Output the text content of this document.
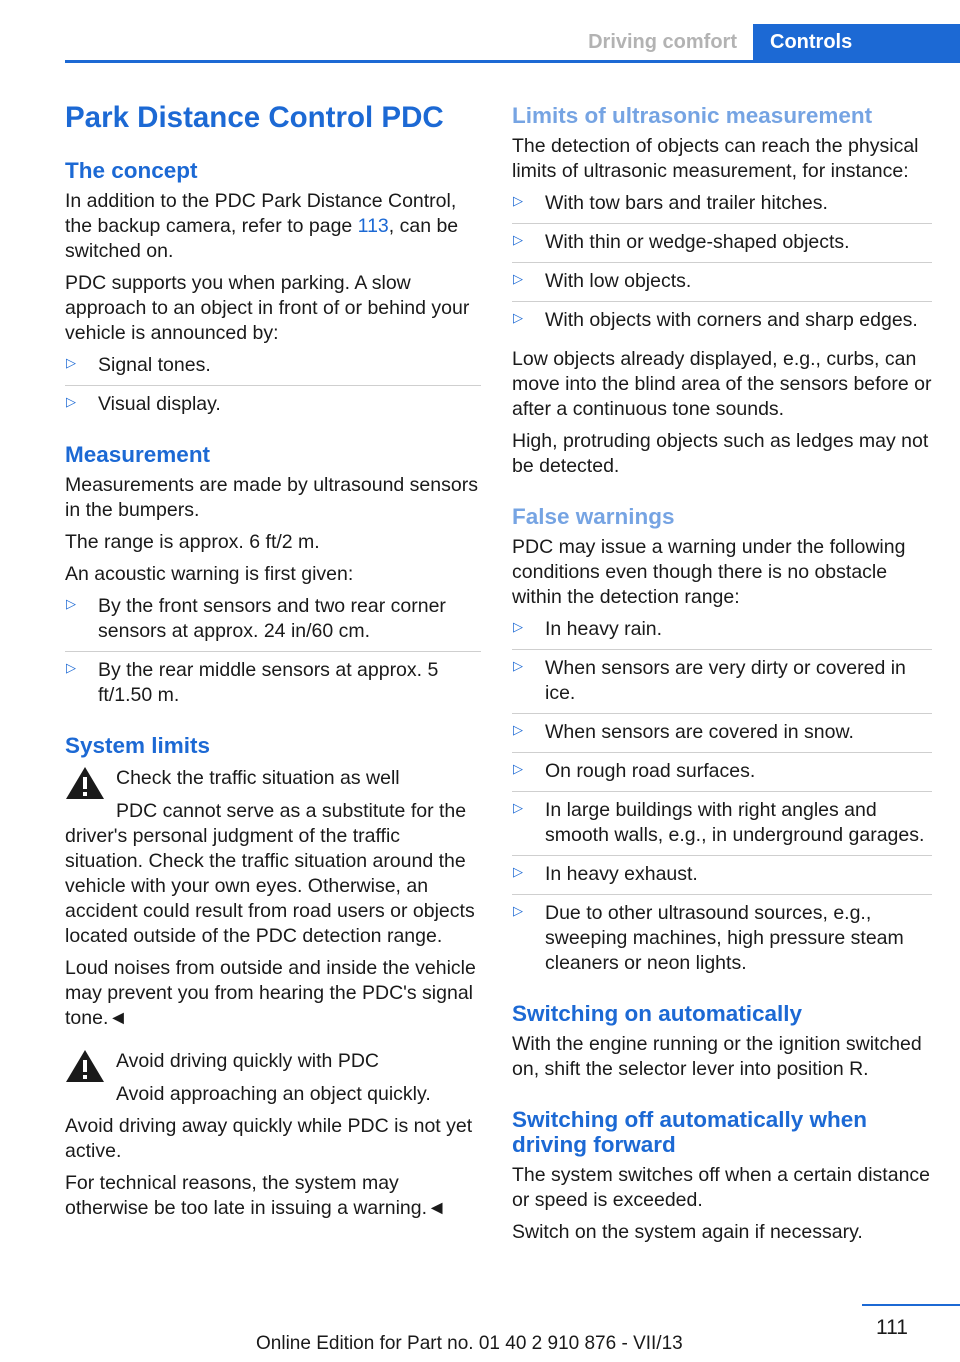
Driving comfort	Controls
Park Distance Control PDC
The concept

In addition to the PDC Park Distance Control, the backup camera, refer to page 113, can be switched on.

PDC supports you when parking. A slow approach to an object in front of or behind your vehicle is announced by:

▷ Signal tones.
▷ Visual display.
Measurement

Measurements are made by ultrasound sensors in the bumpers.

The range is approx. 6 ft/2 m.

An acoustic warning is first given:

▷ By the front sensors and two rear corner sensors at approx. 24 in/60 cm.
▷ By the rear middle sensors at approx. 5 ft/1.50 m.
System limits

Check the traffic situation as well

PDC cannot serve as a substitute for the driver's personal judgment of the traffic situation. Check the traffic situation around the vehicle with your own eyes. Otherwise, an accident could result from road users or objects located outside of the PDC detection range.

Loud noises from outside and inside the vehicle may prevent you from hearing the PDC's signal tone.◄

Avoid driving quickly with PDC

Avoid approaching an object quickly.

Avoid driving away quickly while PDC is not yet active.

For technical reasons, the system may otherwise be too late in issuing a warning.◄

Limits of ultrasonic measurement

The detection of objects can reach the physical limits of ultrasonic measurement, for instance:

▷ With tow bars and trailer hitches.
▷ With thin or wedge-shaped objects.
▷ With low objects.
▷ With objects with corners and sharp edges.

Low objects already displayed, e.g., curbs, can move into the blind area of the sensors before or after a continuous tone sounds.

High, protruding objects such as ledges may not be detected.

False warnings

PDC may issue a warning under the following conditions even though there is no obstacle within the detection range:

▷ In heavy rain.
▷ When sensors are very dirty or covered in ice.
▷ When sensors are covered in snow.
▷ On rough road surfaces.
▷ In large buildings with right angles and smooth walls, e.g., in underground garages.
▷ In heavy exhaust.
▷ Due to other ultrasound sources, e.g., sweeping machines, high pressure steam cleaners or neon lights.
Switching on automatically

With the engine running or the ignition switched on, shift the selector lever into position R.

Switching off automatically when driving forward

The system switches off when a certain distance or speed is exceeded.

Switch on the system again if necessary.

111
Online Edition for Part no. 01 40 2 910 876 - VII/13
